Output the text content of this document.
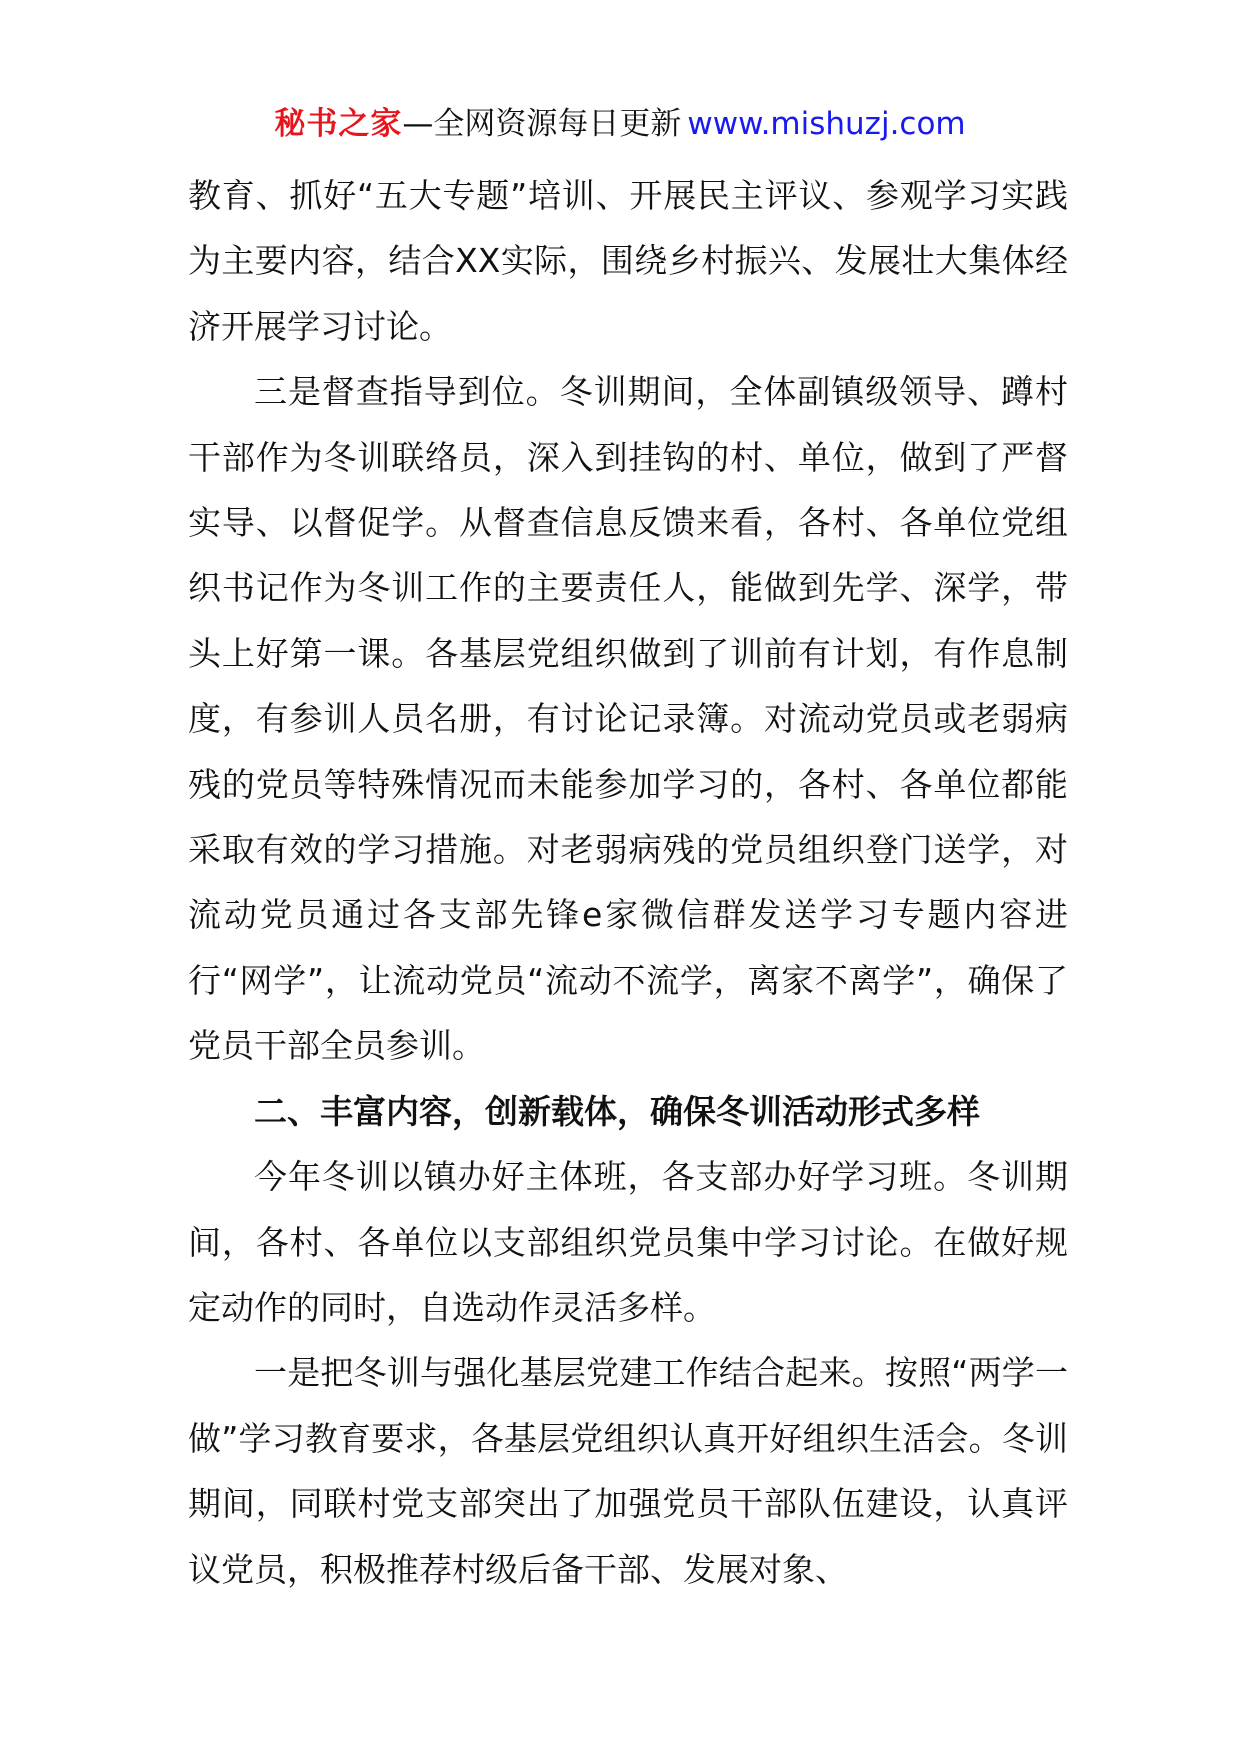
秘书之家—全网资源每日更新 www.mishuzj.com

教育、抓好“五大专题”培训、开展民主评议、参观学习实践为主要内容，结合XX实际，围绕乡村振兴、发展壮大集体经济开展学习讨论。

三是督查指导到位。冬训期间，全体副镇级领导、蹲村干部作为冬训联络员，深入到挂钩的村、单位，做到了严督实导、以督促学。从督查信息反馈来看，各村、各单位党组织书记作为冬训工作的主要责任人，能做到先学、深学，带头上好第一课。各基层党组织做到了训前有计划，有作息制度，有参训人员名册，有讨论记录簿。对流动党员或老弱病残的党员等特殊情况而未能参加学习的，各村、各单位都能采取有效的学习措施。对老弱病残的党员组织登门送学，对流动党员通过各支部先锋e家微信群发送学习专题内容进行“网学”，让流动党员“流动不流学，离家不离学”，确保了党员干部全员参训。

二、丰富内容，创新载体，确保冬训活动形式多样

今年冬训以镇办好主体班，各支部办好学习班。冬训期间，各村、各单位以支部组织党员集中学习讨论。在做好规定动作的同时，自选动作灵活多样。

一是把冬训与强化基层党建工作结合起来。按照“两学一做”学习教育要求，各基层党组织认真开好组织生活会。冬训期间，同联村党支部突出了加强党员干部队伍建设，认真评议党员，积极推荐村级后备干部、发展对象、
